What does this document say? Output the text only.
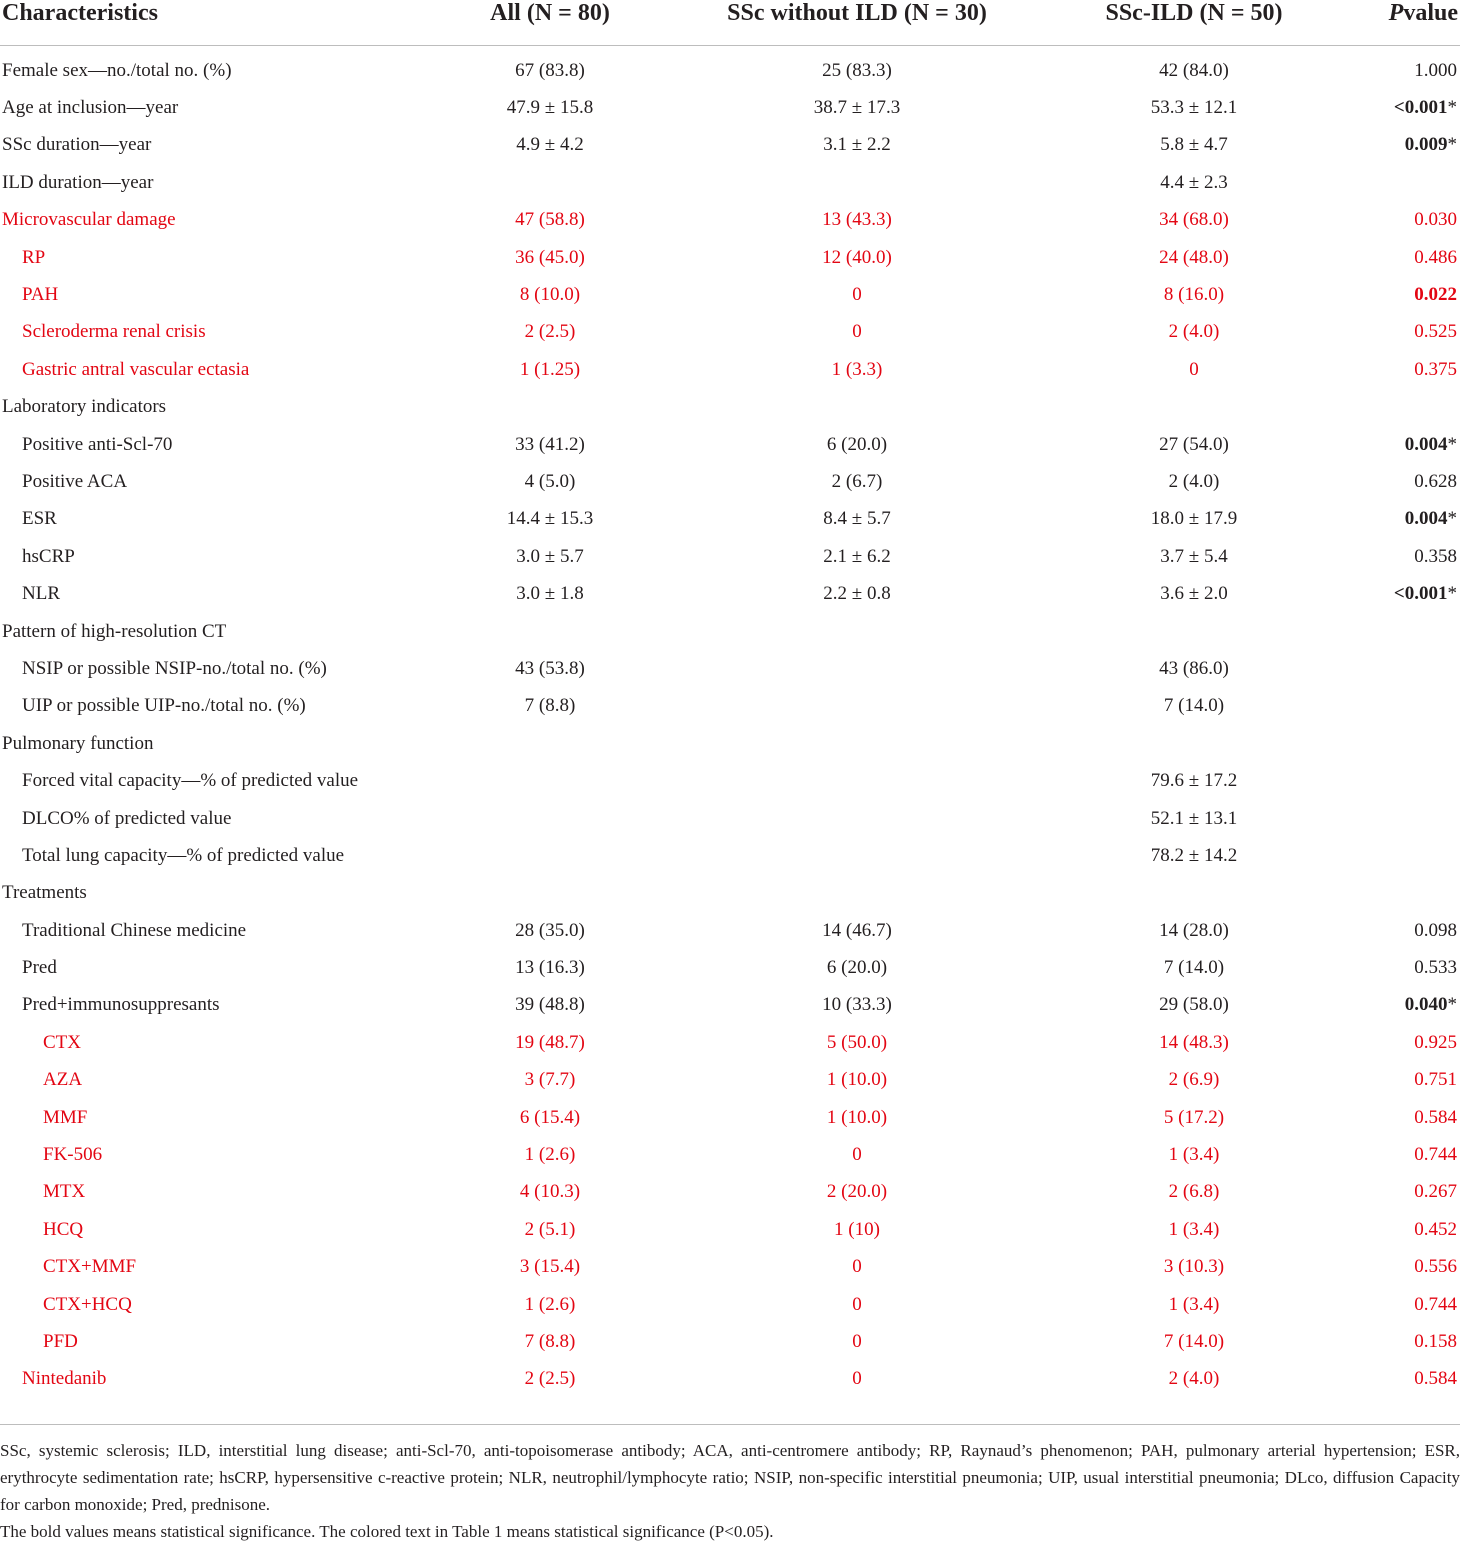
Characteristics	All (N = 80)	SSc without ILD (N = 30)	SSc-ILD (N = 50)	Pvalue
Female sex—no./total no. (%)	67 (83.8)	25 (83.3)	42 (84.0)	1.000
Age at inclusion—year	47.9 ± 15.8	38.7 ± 17.3	53.3 ± 12.1	<0.001*
SSc duration—year	4.9 ± 4.2	3.1 ± 2.2	5.8 ± 4.7	0.009*
ILD duration—year			4.4 ± 2.3	
Microvascular damage	47 (58.8)	13 (43.3)	34 (68.0)	0.030
RP	36 (45.0)	12 (40.0)	24 (48.0)	0.486
PAH	8 (10.0)	0	8 (16.0)	0.022
Scleroderma renal crisis	2 (2.5)	0	2 (4.0)	0.525
Gastric antral vascular ectasia	1 (1.25)	1 (3.3)	0	0.375
Laboratory indicators				
Positive anti-Scl-70	33 (41.2)	6 (20.0)	27 (54.0)	0.004*
Positive ACA	4 (5.0)	2 (6.7)	2 (4.0)	0.628
ESR	14.4 ± 15.3	8.4 ± 5.7	18.0 ± 17.9	0.004*
hsCRP	3.0 ± 5.7	2.1 ± 6.2	3.7 ± 5.4	0.358
NLR	3.0 ± 1.8	2.2 ± 0.8	3.6 ± 2.0	<0.001*
Pattern of high-resolution CT				
NSIP or possible NSIP-no./total no. (%)	43 (53.8)		43 (86.0)	
UIP or possible UIP-no./total no. (%)	7 (8.8)		7 (14.0)	
Pulmonary function				
Forced vital capacity—% of predicted value			79.6 ± 17.2	
DLCO% of predicted value			52.1 ± 13.1	
Total lung capacity—% of predicted value			78.2 ± 14.2	
Treatments				
Traditional Chinese medicine	28 (35.0)	14 (46.7)	14 (28.0)	0.098
Pred	13 (16.3)	6 (20.0)	7 (14.0)	0.533
Pred+immunosuppresants	39 (48.8)	10 (33.3)	29 (58.0)	0.040*
CTX	19 (48.7)	5 (50.0)	14 (48.3)	0.925
AZA	3 (7.7)	1 (10.0)	2 (6.9)	0.751
MMF	6 (15.4)	1 (10.0)	5 (17.2)	0.584
FK-506	1 (2.6)	0	1 (3.4)	0.744
MTX	4 (10.3)	2 (20.0)	2 (6.8)	0.267
HCQ	2 (5.1)	1 (10)	1 (3.4)	0.452
CTX+MMF	3 (15.4)	0	3 (10.3)	0.556
CTX+HCQ	1 (2.6)	0	1 (3.4)	0.744
PFD	7 (8.8)	0	7 (14.0)	0.158
Nintedanib	2 (2.5)	0	2 (4.0)	0.584

SSc, systemic sclerosis; ILD, interstitial lung disease; anti-Scl-70, anti-topoisomerase antibody; ACA, anti-centromere antibody; RP, Raynaud’s phenomenon; PAH, pulmonary arterial hypertension; ESR, erythrocyte sedimentation rate; hsCRP, hypersensitive c-reactive protein; NLR, neutrophil/lymphocyte ratio; NSIP, non-specific interstitial pneumonia; UIP, usual interstitial pneumonia; DLco, diffusion Capacity for carbon monoxide; Pred, prednisone.

The bold values means statistical significance. The colored text in Table 1 means statistical significance (P<0.05).
